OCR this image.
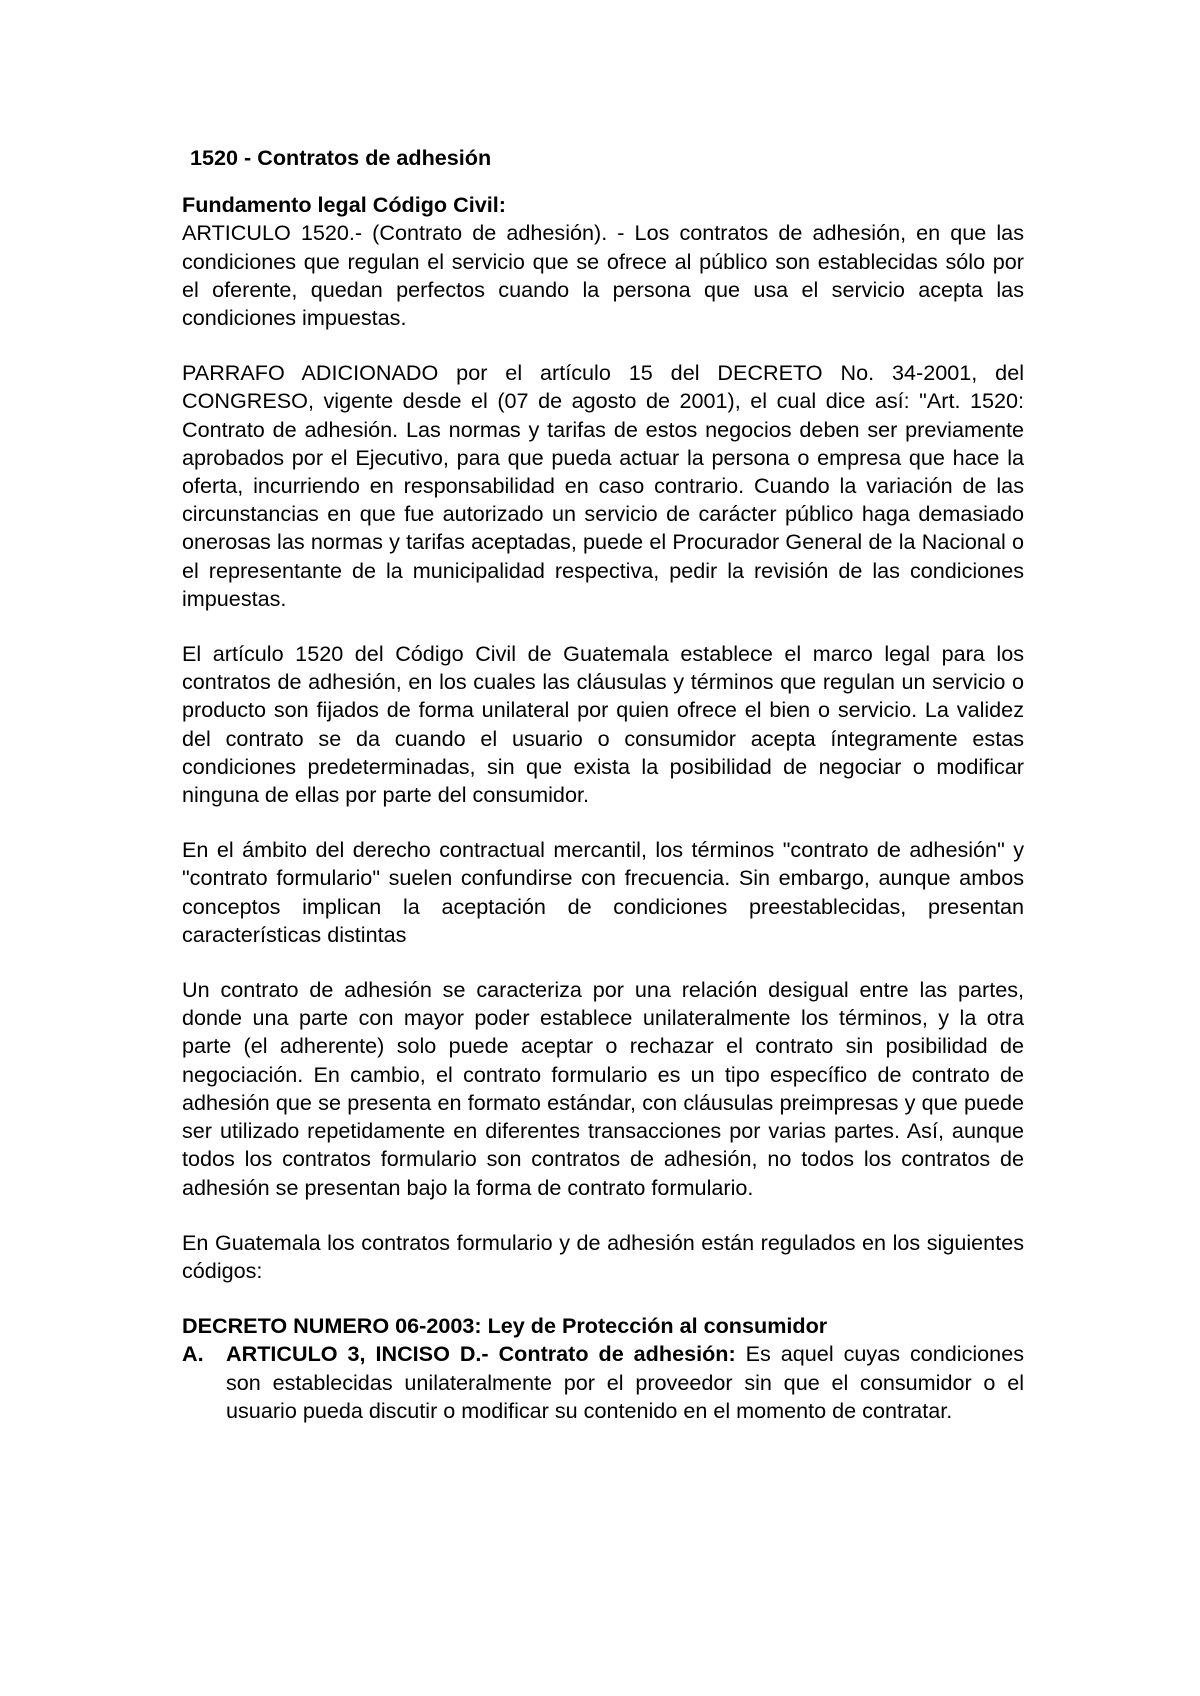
1520 - Contratos de adhesión
Fundamento legal Código Civil:

ARTICULO 1520.- (Contrato de adhesión). - Los contratos de adhesión, en que las condiciones que regulan el servicio que se ofrece al público son establecidas sólo por el oferente, quedan perfectos cuando la persona que usa el servicio acepta las condiciones impuestas.

PARRAFO ADICIONADO por el artículo 15 del DECRETO No. 34-2001, del CONGRESO, vigente desde el (07 de agosto de 2001), el cual dice así: "Art. 1520: Contrato de adhesión. Las normas y tarifas de estos negocios deben ser previamente aprobados por el Ejecutivo, para que pueda actuar la persona o empresa que hace la oferta, incurriendo en responsabilidad en caso contrario. Cuando la variación de las circunstancias en que fue autorizado un servicio de carácter público haga demasiado onerosas las normas y tarifas aceptadas, puede el Procurador General de la Nacional o el representante de la municipalidad respectiva, pedir la revisión de las condiciones impuestas.

El artículo 1520 del Código Civil de Guatemala establece el marco legal para los contratos de adhesión, en los cuales las cláusulas y términos que regulan un servicio o producto son fijados de forma unilateral por quien ofrece el bien o servicio. La validez del contrato se da cuando el usuario o consumidor acepta íntegramente estas condiciones predeterminadas, sin que exista la posibilidad de negociar o modificar ninguna de ellas por parte del consumidor.

En el ámbito del derecho contractual mercantil, los términos "contrato de adhesión" y "contrato formulario" suelen confundirse con frecuencia. Sin embargo, aunque ambos conceptos implican la aceptación de condiciones preestablecidas, presentan características distintas

Un contrato de adhesión se caracteriza por una relación desigual entre las partes, donde una parte con mayor poder establece unilateralmente los términos, y la otra parte (el adherente) solo puede aceptar o rechazar el contrato sin posibilidad de negociación. En cambio, el contrato formulario es un tipo específico de contrato de adhesión que se presenta en formato estándar, con cláusulas preimpresas y que puede ser utilizado repetidamente en diferentes transacciones por varias partes. Así, aunque todos los contratos formulario son contratos de adhesión, no todos los contratos de adhesión se presentan bajo la forma de contrato formulario.

En Guatemala los contratos formulario y de adhesión están regulados en los siguientes códigos:

DECRETO NUMERO 06-2003: Ley de Protección al consumidor
A.	ARTICULO 3, INCISO D.- Contrato de adhesión: Es aquel cuyas condiciones son establecidas unilateralmente por el proveedor sin que el consumidor o el usuario pueda discutir o modificar su contenido en el momento de contratar.
